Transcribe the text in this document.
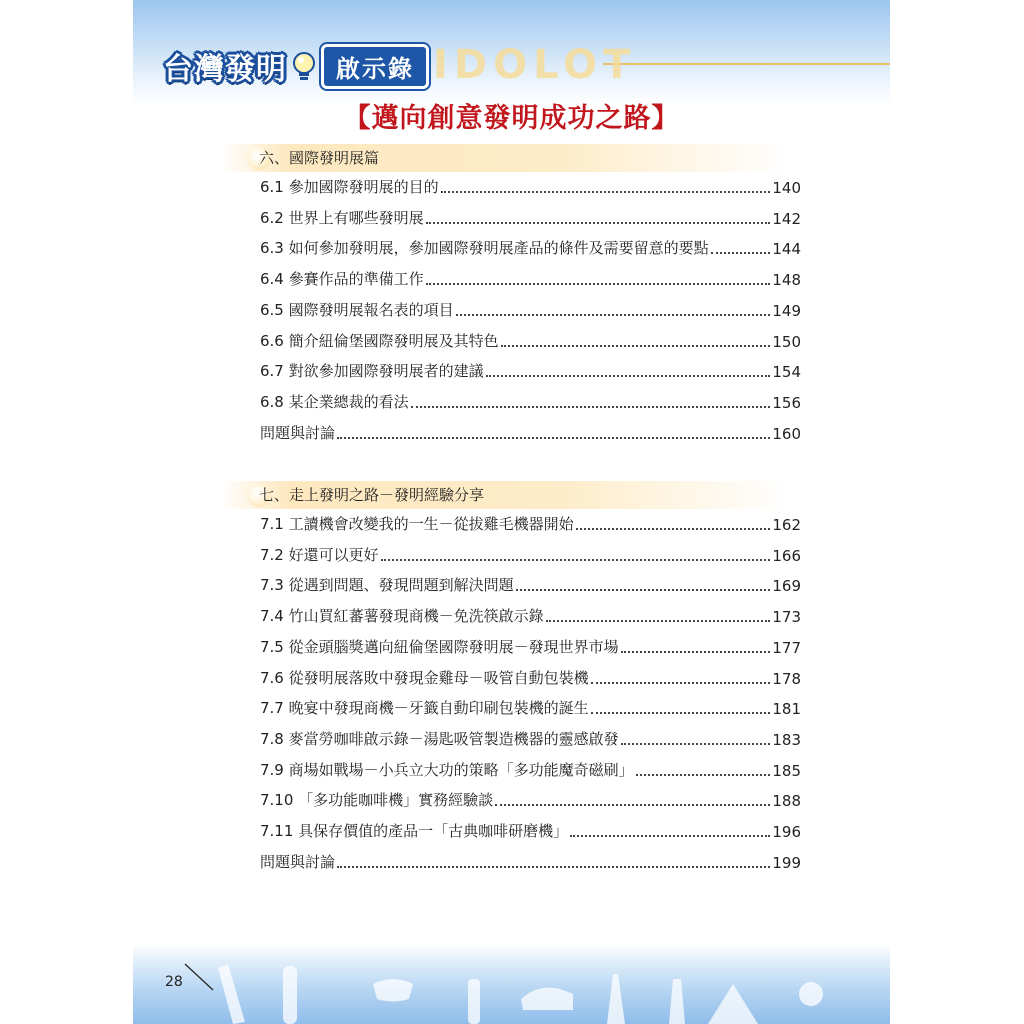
IDOLOT
台灣發明	啟示錄
【邁向創意發明成功之路】
六、國際發明展篇
6.1 參加國際發明展的目的	140
6.2 世界上有哪些發明展	142
6.3 如何參加發明展，參加國際發明展產品的條件及需要留意的要點	144
6.4 參賽作品的準備工作	148
6.5 國際發明展報名表的項目	149
6.6 簡介紐倫堡國際發明展及其特色	150
6.7 對欲參加國際發明展者的建議	154
6.8 某企業總裁的看法	156
問題與討論	160
七、走上發明之路－發明經驗分享
7.1 工讀機會改變我的一生－從拔雞毛機器開始	162
7.2 好還可以更好	166
7.3 從遇到問題、發現問題到解決問題	169
7.4 竹山買紅蕃薯發現商機－免洗筷啟示錄	173
7.5 從金頭腦獎邁向紐倫堡國際發明展－發現世界市場	177
7.6 從發明展落敗中發現金雞母－吸管自動包裝機	178
7.7 晚宴中發現商機－牙籤自動印刷包裝機的誕生	181
7.8 麥當勞咖啡啟示錄－湯匙吸管製造機器的靈感啟發	183
7.9 商場如戰場－小兵立大功的策略「多功能魔奇磁刷」	185
7.10 「多功能咖啡機」實務經驗談	188
7.11 具保存價值的產品一「古典咖啡研磨機」	196
問題與討論	199
28
